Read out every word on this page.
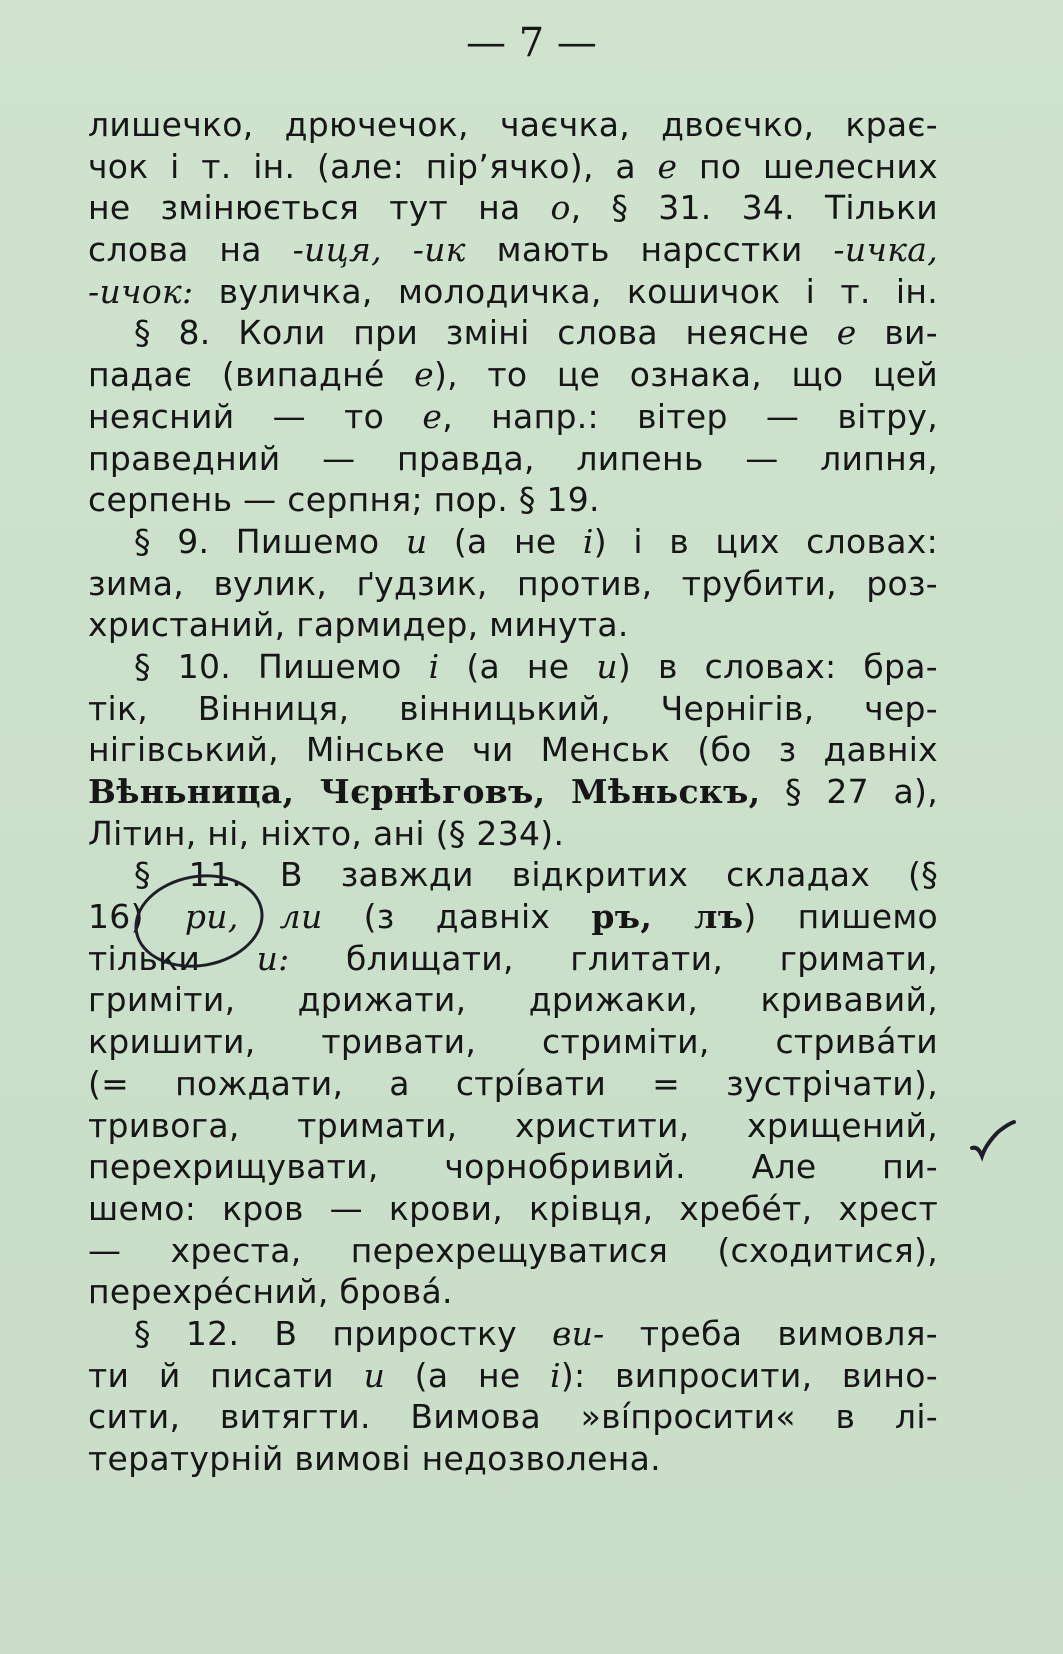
— 7 —
лишечко, дрючечок, чаєчка, двоєчко, крає-
чок і т. ін. (але: пір’ячко), а е по шелесних
не змінюється тут на о, § 31. 34. Тільки
слова на -иця, -ик мають нарсстки -ичка,
-ичок: вуличка, молодичка, кошичок і т. ін.
§ 8. Коли при зміні слова неясне е ви-
падає (випаднé е), то це ознака, що цей
неясний — то е, напр.: вітер — вітру,
праведний — правда, липень — липня,
серпень — серпня; пор. § 19.
§ 9. Пишемо и (а не і) і в цих словах:
зима, вулик, ґудзик, против, трубити, роз-
христаний, гармидер, минута.
§ 10. Пишемо і (а не и) в словах: бра-
тік, Вінниця, вінницький, Чернігів, чер-
нігівський, Мінське чи Менськ (бо з давніх
Вѣньница, Чєрнѣговъ, Мѣньскъ, § 27 а),
Літин, ні, ніхто, ані (§ 234).
§ 11. В завжди відкритих складах (§
16) ри, ли (з давніх ръ, лъ) пишемо
тільки и: блищати, глитати, гримати,
гриміти, дрижати, дрижаки, кривавий,
кришити, тривати, стриміти, стривáти
(= пождати, а стрíвати = зустрічати),
тривога, тримати, христити, хрищений,
перехрищувати, чорнобривий. Але пи-
шемо: кров — крови, крівця, хребéт, хрест
— хреста, перехрещуватися (сходитися),
перехрéсний, бровá.
§ 12. В приростку ви- треба вимовля-
ти й писати и (а не і): випросити, вино-
сити, витягти. Вимова »вíпросити« в лі-
тературній вимові недозволена.
